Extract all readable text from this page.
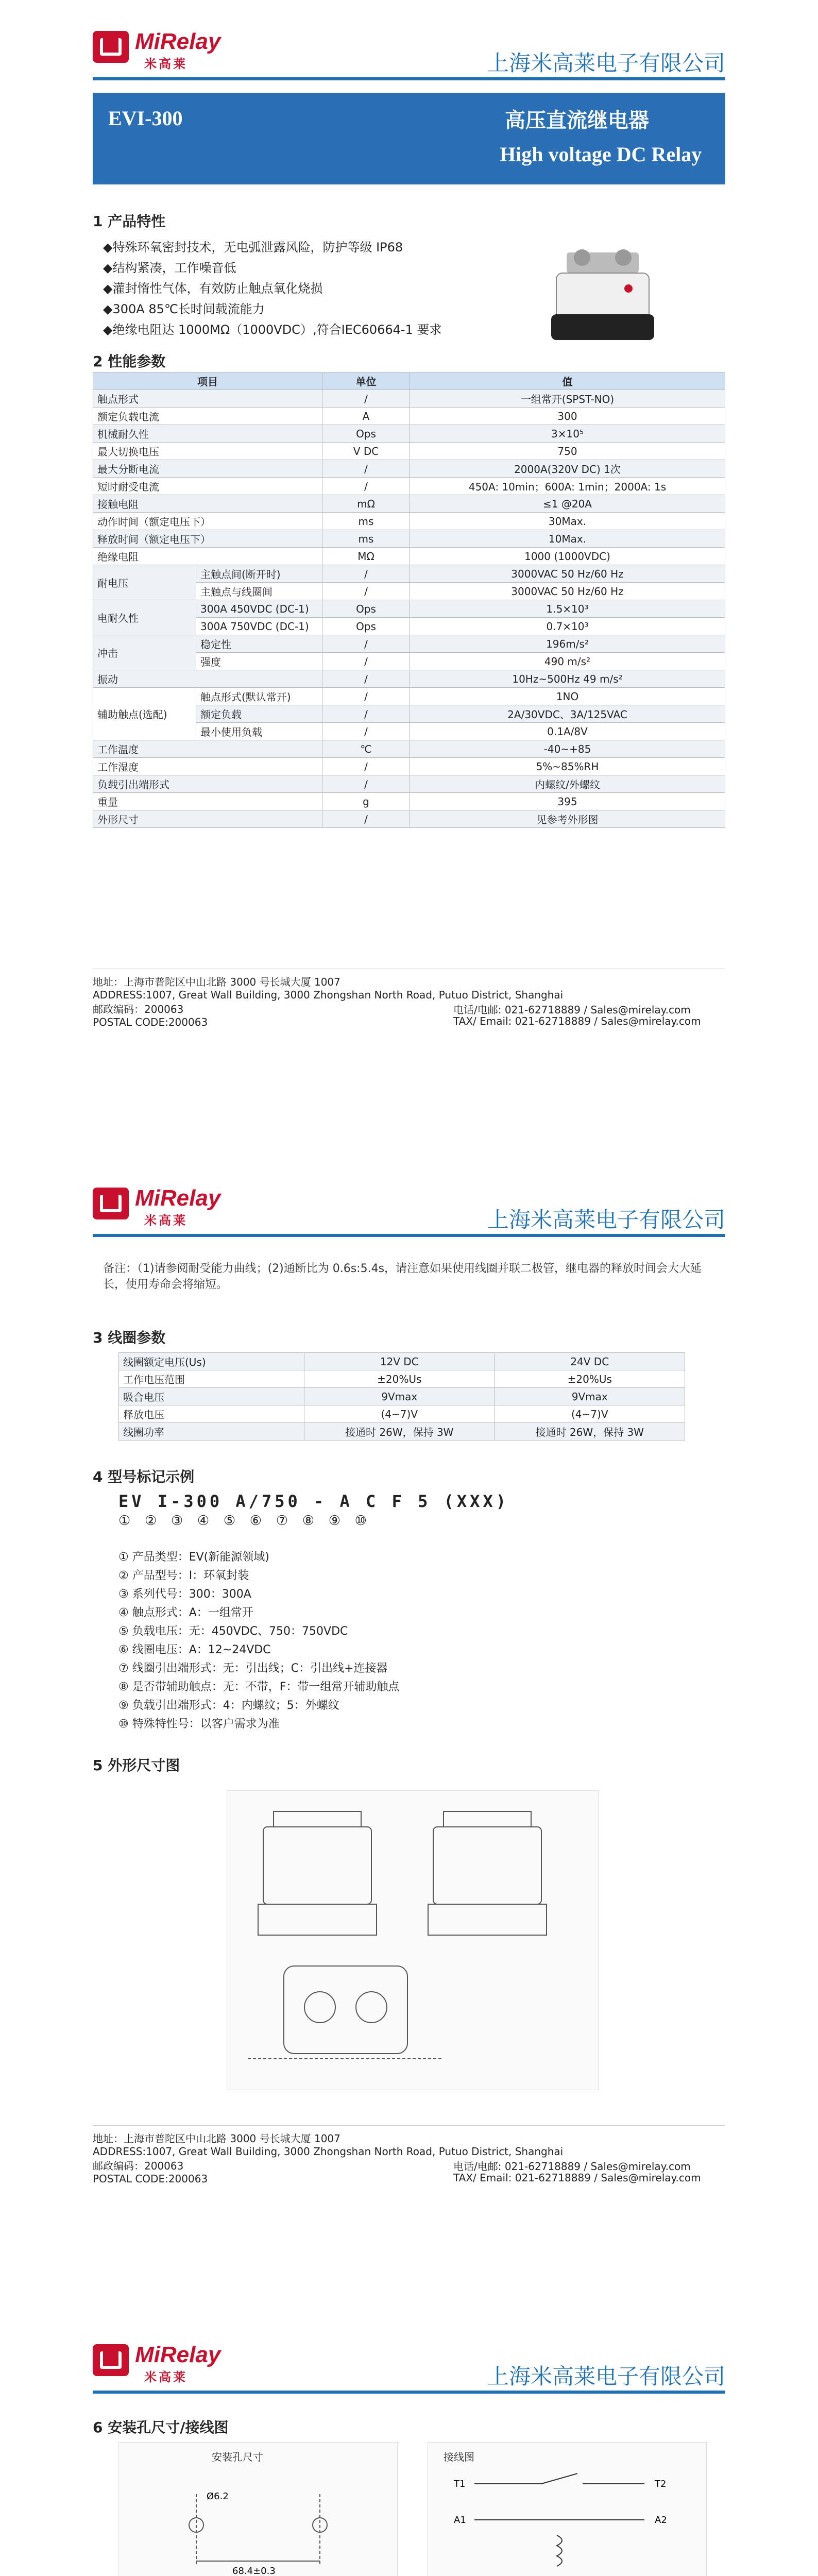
MiRelay
米高莱	上海米高莱电子有限公司
EVI-300	高压直流继电器
High voltage DC Relay
1 产品特性
◆特殊环氧密封技术，无电弧泄露风险，防护等级 IP68
◆结构紧凑，工作噪音低
◆灌封惰性气体，有效防止触点氧化烧损
◆300A 85℃长时间载流能力
◆绝缘电阻达 1000MΩ（1000VDC）,符合IEC60664-1 要求
2 性能参数
项目		单位	值
触点形式		/	一组常开(SPST-NO)
额定负载电流		A	300
机械耐久性		Ops	3×10⁵
最大切换电压		V DC	750
最大分断电流		/	2000A(320V DC) 1次
短时耐受电流		/	450A: 10min；600A: 1min；2000A: 1s
接触电阻		mΩ	≤1 @20A
动作时间（额定电压下）		ms	30Max.
释放时间（额定电压下）		ms	10Max.
绝缘电阻		MΩ	1000 (1000VDC)
耐电压	主触点间(断开时)	/	3000VAC 50 Hz/60 Hz
	主触点与线圈间	/	3000VAC 50 Hz/60 Hz
电耐久性	300A 450VDC (DC-1)	Ops	1.5×10³
	300A 750VDC (DC-1)	Ops	0.7×10³
冲击	稳定性	/	196m/s²
	强度	/	490 m/s²
振动		/	10Hz~500Hz 49 m/s²
辅助触点(选配)	触点形式(默认常开)	/	1NO
	额定负载	/	2A/30VDC、3A/125VAC
	最小使用负载	/	0.1A/8V
工作温度		℃	-40~+85
工作湿度		/	5%~85%RH
负载引出端形式		/	内螺纹/外螺纹
重量		g	395
外形尺寸		/	见参考外形图
地址：上海市普陀区中山北路 3000 号长城大厦 1007
ADDRESS:1007, Great Wall Building, 3000 Zhongshan North Road, Putuo District, Shanghai
邮政编码：200063
POSTAL CODE:200063
电话/电邮: 021-62718889 / Sales@mirelay.com
TAX/ Email: 021-62718889 / Sales@mirelay.com
MiRelay
米高莱	上海米高莱电子有限公司
备注：（1)请参阅耐受能力曲线；(2)通断比为 0.6s:5.4s，请注意如果使用线圈并联二极管，继电器的释放时间会大大延长，使用寿命会将缩短。
3 线圈参数
线圈额定电压(Us)	12V DC	24V DC
工作电压范围	±20%Us	±20%Us
吸合电压	9Vmax	9Vmax
释放电压	(4~7)V	(4~7)V
线圈功率	接通时 26W，保持 3W	接通时 26W，保持 3W
4 型号标记示例
EV I-300 A/750 - A C F 5 (XXX)
① ② ③ ④ ⑤ ⑥ ⑦ ⑧ ⑨ ⑩
① 产品类型：EV(新能源领域)
② 产品型号：I：环氧封装
③ 系列代号：300：300A
④ 触点形式：A：一组常开
⑤ 负载电压：无：450VDC、750：750VDC
⑥ 线圈电压：A：12~24VDC
⑦ 线圈引出端形式：无：引出线；C：引出线+连接器
⑧ 是否带辅助触点：无：不带，F：带一组常开辅助触点
⑨ 负载引出端形式：4：内螺纹；5：外螺纹
⑩ 特殊特性号：以客户需求为准
5 外形尺寸图
地址：上海市普陀区中山北路 3000 号长城大厦 1007
ADDRESS:1007, Great Wall Building, 3000 Zhongshan North Road, Putuo District, Shanghai
邮政编码：200063
POSTAL CODE:200063
电话/电邮: 021-62718889 / Sales@mirelay.com
TAX/ Email: 021-62718889 / Sales@mirelay.com
MiRelay
米高莱	上海米高莱电子有限公司
6 安装孔尺寸/接线图
安装孔尺寸
Ø6.2
68.4±0.3
接线图
T1	T2
A1	A2
